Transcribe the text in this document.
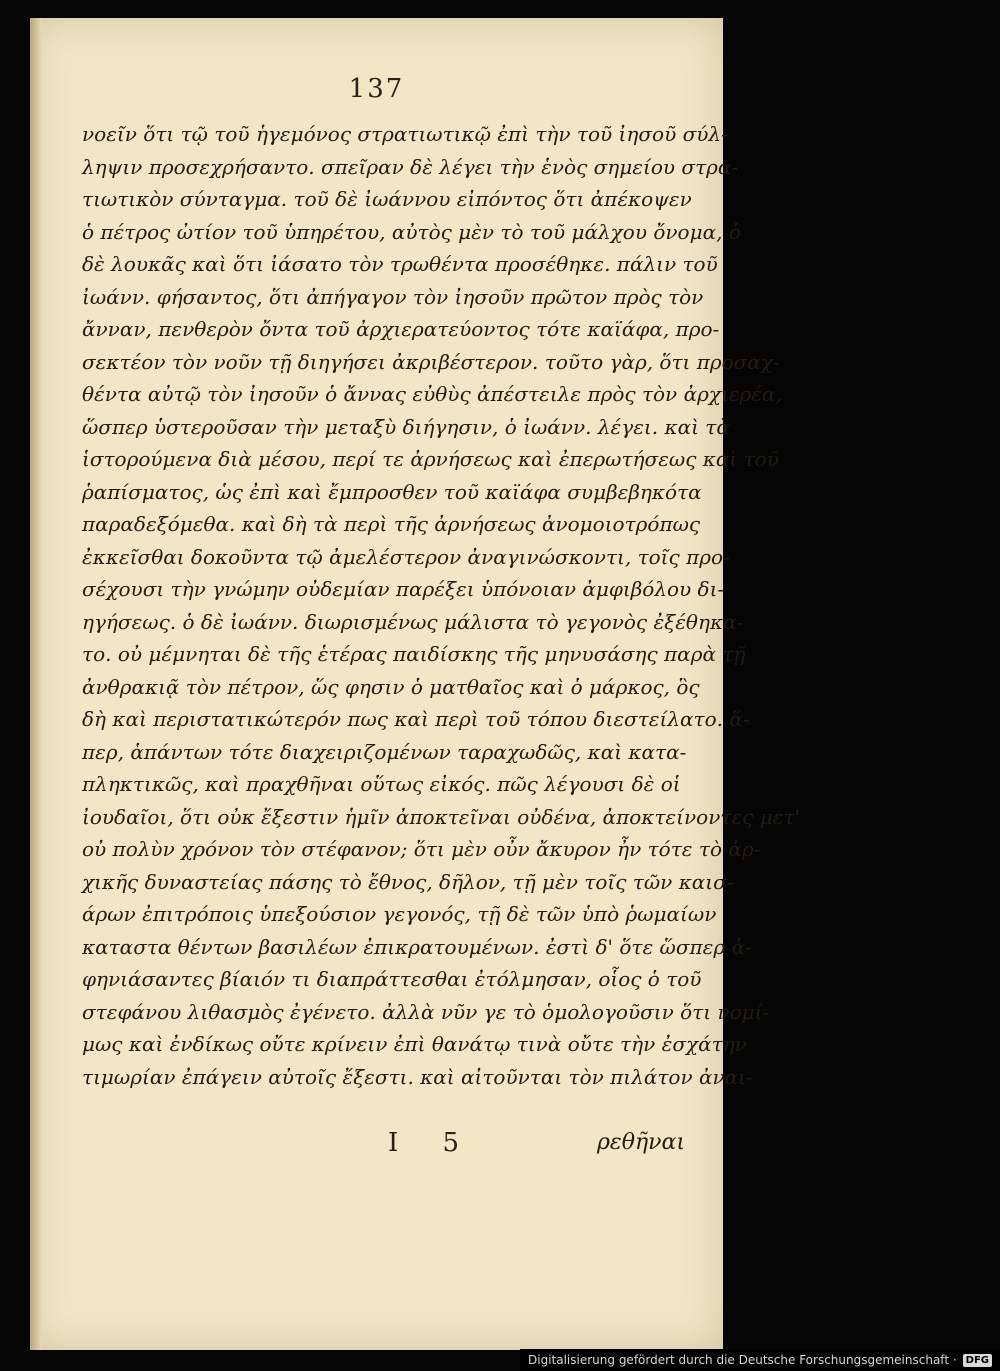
137
νοεῖν ὅτι τῷ τοῦ ἡγεμόνος στρατιωτικῷ ἐπὶ τὴν τοῦ ἰησοῦ σύλ-
ληψιν προσεχρήσαντο. σπεῖραν δὲ λέγει τὴν ἑνὸς σημείου στρα-
τιωτικὸν σύνταγμα. τοῦ δὲ ἰωάννου εἰπόντος ὅτι ἀπέκοψεν
ὁ πέτρος ὠτίον τοῦ ὑπηρέτου, αὐτὸς μὲν τὸ τοῦ μάλχου ὄνομα, ὁ
δὲ λουκᾶς καὶ ὅτι ἰάσατο τὸν τρωθέντα προσέθηκε. πάλιν τοῦ
ἰωάνν. φήσαντος, ὅτι ἀπήγαγον τὸν ἰησοῦν πρῶτον πρὸς τὸν
ἄνναν, πενθερὸν ὄντα τοῦ ἀρχιερατεύοντος τότε καϊάφα, προ-
σεκτέον τὸν νοῦν τῇ διηγήσει ἀκριβέστερον. τοῦτο γὰρ, ὅτι προσαχ-
θέντα αὐτῷ τὸν ἰησοῦν ὁ ἄννας εὐθὺς ἀπέστειλε πρὸς τὸν ἀρχιερέα,
ὥσπερ ὑστεροῦσαν τὴν μεταξὺ διήγησιν, ὁ ἰωάνν. λέγει. καὶ τὰ
ἱστορούμενα διὰ μέσου, περί τε ἀρνήσεως καὶ ἐπερωτήσεως καὶ τοῦ
ῥαπίσματος, ὡς ἐπὶ καὶ ἔμπροσθεν τοῦ καϊάφα συμβεβηκότα
παραδεξόμεθα. καὶ δὴ τὰ περὶ τῆς ἀρνήσεως ἀνομοιοτρόπως
ἐκκεῖσθαι δοκοῦντα τῷ ἀμελέστερον ἀναγινώσκοντι, τοῖς προ-
σέχουσι τὴν γνώμην οὐδεμίαν παρέξει ὑπόνοιαν ἀμφιβόλου δι-
ηγήσεως. ὁ δὲ ἰωάνν. διωρισμένως μάλιστα τὸ γεγονὸς ἐξέθηκα-
το. οὐ μέμνηται δὲ τῆς ἑτέρας παιδίσκης τῆς μηνυσάσης παρὰ τῇ
ἀνθρακιᾷ τὸν πέτρον, ὥς φησιν ὁ ματθαῖος καὶ ὁ μάρκος, ὃς
δὴ καὶ περιστατικώτερόν πως καὶ περὶ τοῦ τόπου διεστείλατο. ἅ-
περ, ἁπάντων τότε διαχειριζομένων ταραχωδῶς, καὶ κατα-
πληκτικῶς, καὶ πραχθῆναι οὕτως εἰκός. πῶς λέγουσι δὲ οἱ
ἰουδαῖοι, ὅτι οὐκ ἔξεστιν ἡμῖν ἀποκτεῖναι οὐδένα, ἀποκτείνοντες μετ'
οὐ πολὺν χρόνον τὸν στέφανον; ὅτι μὲν οὖν ἄκυρον ἦν τότε τὸ ἀρ-
χικῆς δυναστείας πάσης τὸ ἔθνος, δῆλον, τῇ μὲν τοῖς τῶν καισ-
άρων ἐπιτρόποις ὑπεξούσιον γεγονός, τῇ δὲ τῶν ὑπὸ ῥωμαίων
καταστα θέντων βασιλέων ἐπικρατουμένων. ἐστὶ δ' ὅτε ὥσπερ ἀ-
φηνιάσαντες βίαιόν τι διαπράττεσθαι ἐτόλμησαν, οἷος ὁ τοῦ
στεφάνου λιθασμὸς ἐγένετο. ἀλλὰ νῦν γε τὸ ὁμολογοῦσιν ὅτι νομί-
μως καὶ ἐνδίκως οὔτε κρίνειν ἐπὶ θανάτῳ τινὰ οὔτε τὴν ἐσχάτην
τιμωρίαν ἐπάγειν αὐτοῖς ἔξεστι. καὶ αἰτοῦνται τὸν πιλάτον ἀναι-
I 5	ρεθῆναι
Digitalisierung gefördert durch die Deutsche Forschungsgemeinschaft · DFG
